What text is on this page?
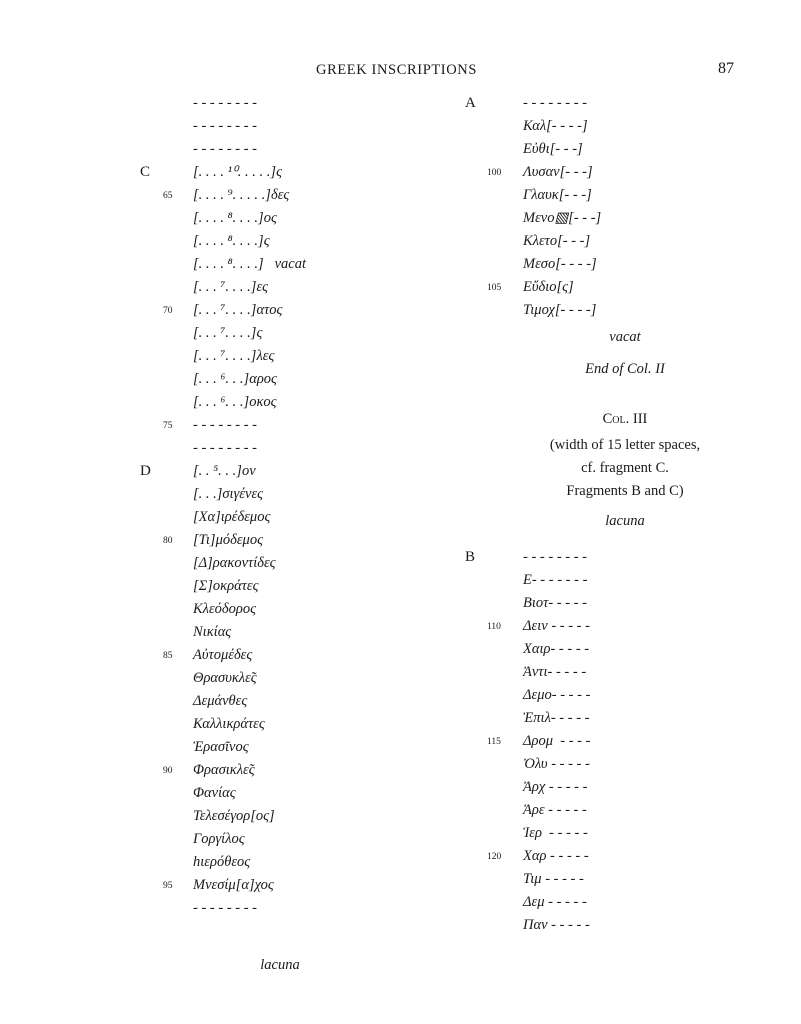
GREEK INSCRIPTIONS	87
- - - - - - - -
- - - - - - - -
- - - - - - - -
C	[. . . . ¹⁰. . . . .]ς
65 [. . . . ⁹. . . . .]δες
[. . . . ⁸. . . .]ος
[. . . . ⁸. . . .]ς
[. . . . ⁸. . . .]   vacat
[. . . ⁷. . . .]ες
70 [. . . ⁷. . . .]ατος
[. . . ⁷. . . .]ς
[. . . ⁷. . . .]λες
[. . . ⁶. . .]αρος
[. . . ⁶. . .]οκος
75 - - - - - - - -
- - - - - - - -
D	[. . ⁵. . .]ον
[. . .]σιγένες
[Χα]ιρέδεμος
80 [Τι]μόδεμος
[Δ]ρακοντίδες
[Σ]οκράτες
Κλεόδορος
Νικίας
85 Αὐτομέδες
Θρασυκλε̃ς
Δεμάνθες
Καλλικράτες
Ἐρασῖνος
90 Φρασικλε̃ς
Φανίας
Τελεσέγορ[ος]
Γοργίλος
hιερόθεος
95 Μνεσίμ[α]χος
- - - - - - - -
lacuna
A	- - - - - - - -
Καλ[- - - -]
Εὐθι[- - -]
100 Λυσαν[- - -]
Γλαυκ[- - -]
Μενο▧[- - -]
Κλετο[- - -]
Μεσο[- - - -]
105 Εὔδιο[ς]
Τιμοχ[- - - -]
vacat
End of Col. II
Col. III
(width of 15 letter spaces,
cf. fragment C.
Fragments B and C)
lacuna
B	- - - - - - - -
Ε- - - - - - -
Βιοτ- - - - -
110 Δειν - - - - -
Χαιρ- - - - -
Ἀντι- - - - -
Δεμο- - - - -
Ἐπιλ- - - - -
115 Δρομ  - - - -
Ὀλυ - - - - -
Ἀρχ - - - - -
Ἀρε - - - - -
Ἱερ  - - - - -
120 Χαρ - - - - -
Τιμ - - - - -
Δεμ - - - - -
Παν - - - - -
